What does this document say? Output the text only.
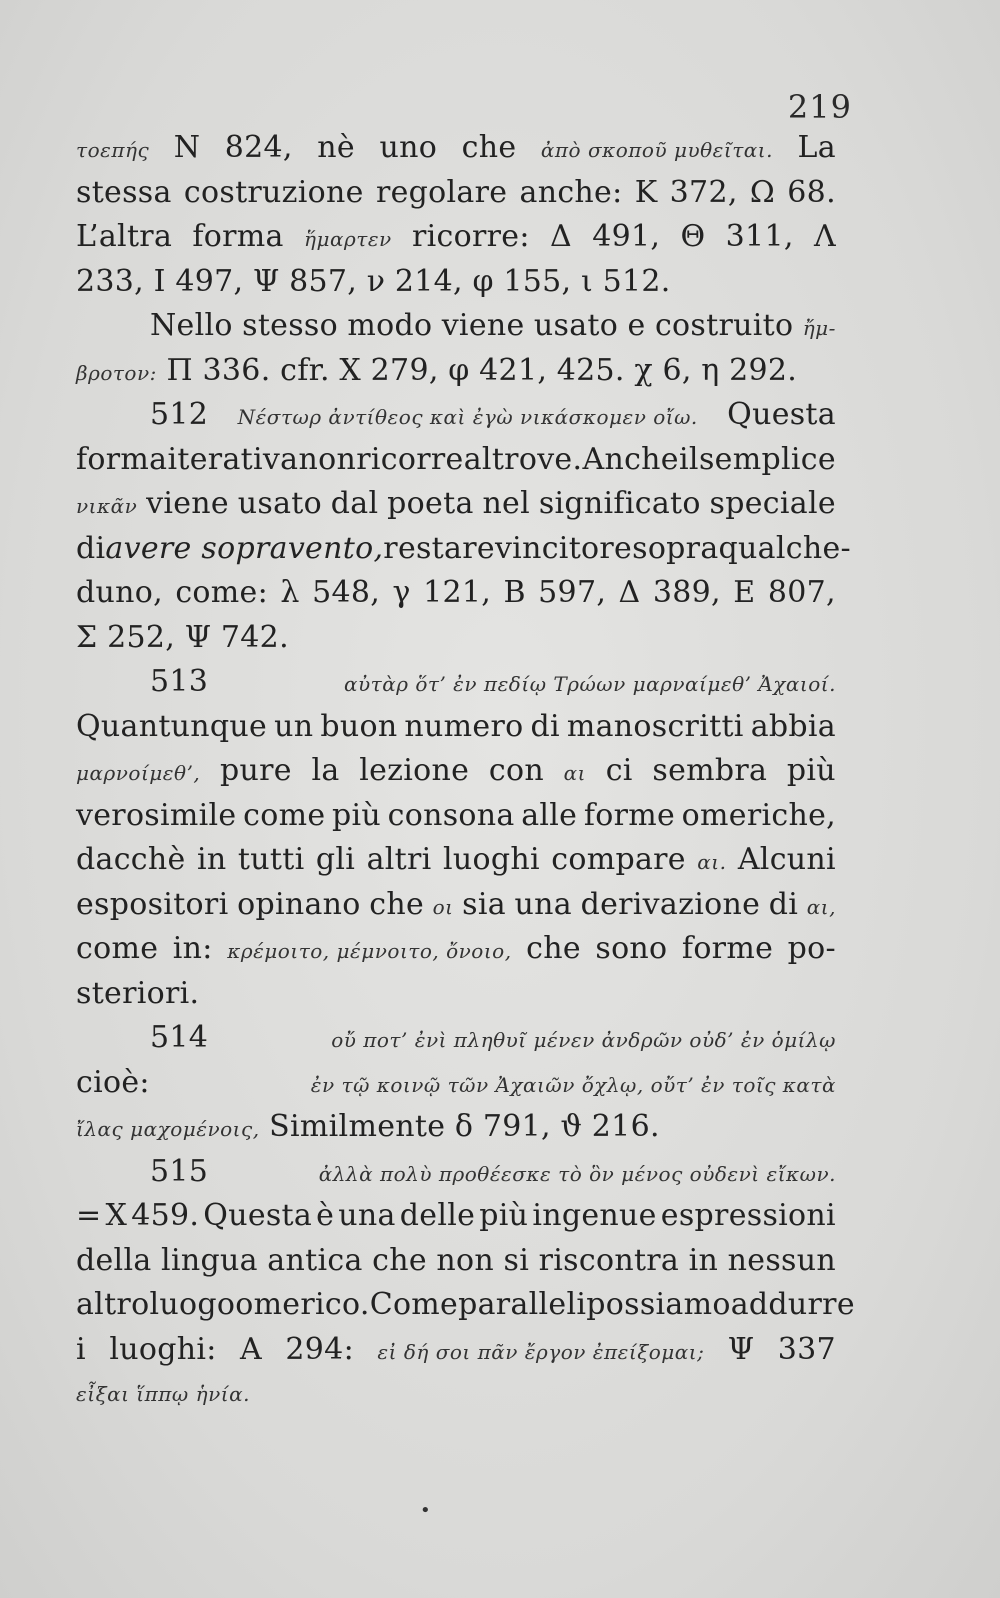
219
τοεπής N 824, nè uno che ἀπὸ σκοποῦ μυθεῖται. La
stessa costruzione regolare anche: K 372, Ω 68.
L’altra forma ἥμαρτεν ricorre: Δ 491, Θ 311, Λ
233, I 497, Ψ 857, ν 214, φ 155, ι 512.
Nello stesso modo viene usato e costruito ἤμ-
βροτον: Π 336. cfr. X 279, φ 421, 425. χ 6, η 292.
512 Νέστωρ ἀντίθεος καὶ ἐγὼ νικάσκομεν οἴω. Questa
forma iterativa non ricorre altrove. Anche il semplice
νικᾶν viene usato dal poeta nel significato speciale
di avere sopravento, restare vincitore sopra qualche-
duno, come: λ 548, γ 121, B 597, Δ 389, E 807,
Σ 252, Ψ 742.
513	αὐτὰρ ὅτ’ ἐν πεδίῳ Τρώων μαρναίμεθ’ Ἀχαιοί.
Quantunque un buon numero di manoscritti abbia
μαρνοίμεθ’, pure la lezione con αι ci sembra più
verosimile come più consona alle forme omeriche,
dacchè in tutti gli altri luoghi compare αι. Alcuni
espositori opinano che οι sia una derivazione di αι,
come in: κρέμοιτο, μέμνοιτο, ὄνοιο, che sono forme po-
steriori.
514	οὔ ποτ’ ἐνὶ πληθυῖ μένεν ἀνδρῶν οὐδ’ ἐν ὁμίλῳ
cioè:	ἐν τῷ κοινῷ τῶν Ἀχαιῶν ὄχλῳ, οὔτ’ ἐν τοῖς κατὰ
ἴλας μαχομένοις, Similmente δ 791, ϑ 216.
515	ἀλλὰ πολὺ προθέεσκε τὸ ὃν μένος οὐδενὶ εἴκων.
= X 459. Questa è una delle più ingenue espressioni
della lingua antica che non si riscontra in nessun
altro luogo omerico. Come paralleli possiamo addurre
i luoghi: A 294: εἰ δή σοι πᾶν ἔργον ἐπείξομαι; Ψ 337
εἶξαι ἵππῳ ἡνία.
•
